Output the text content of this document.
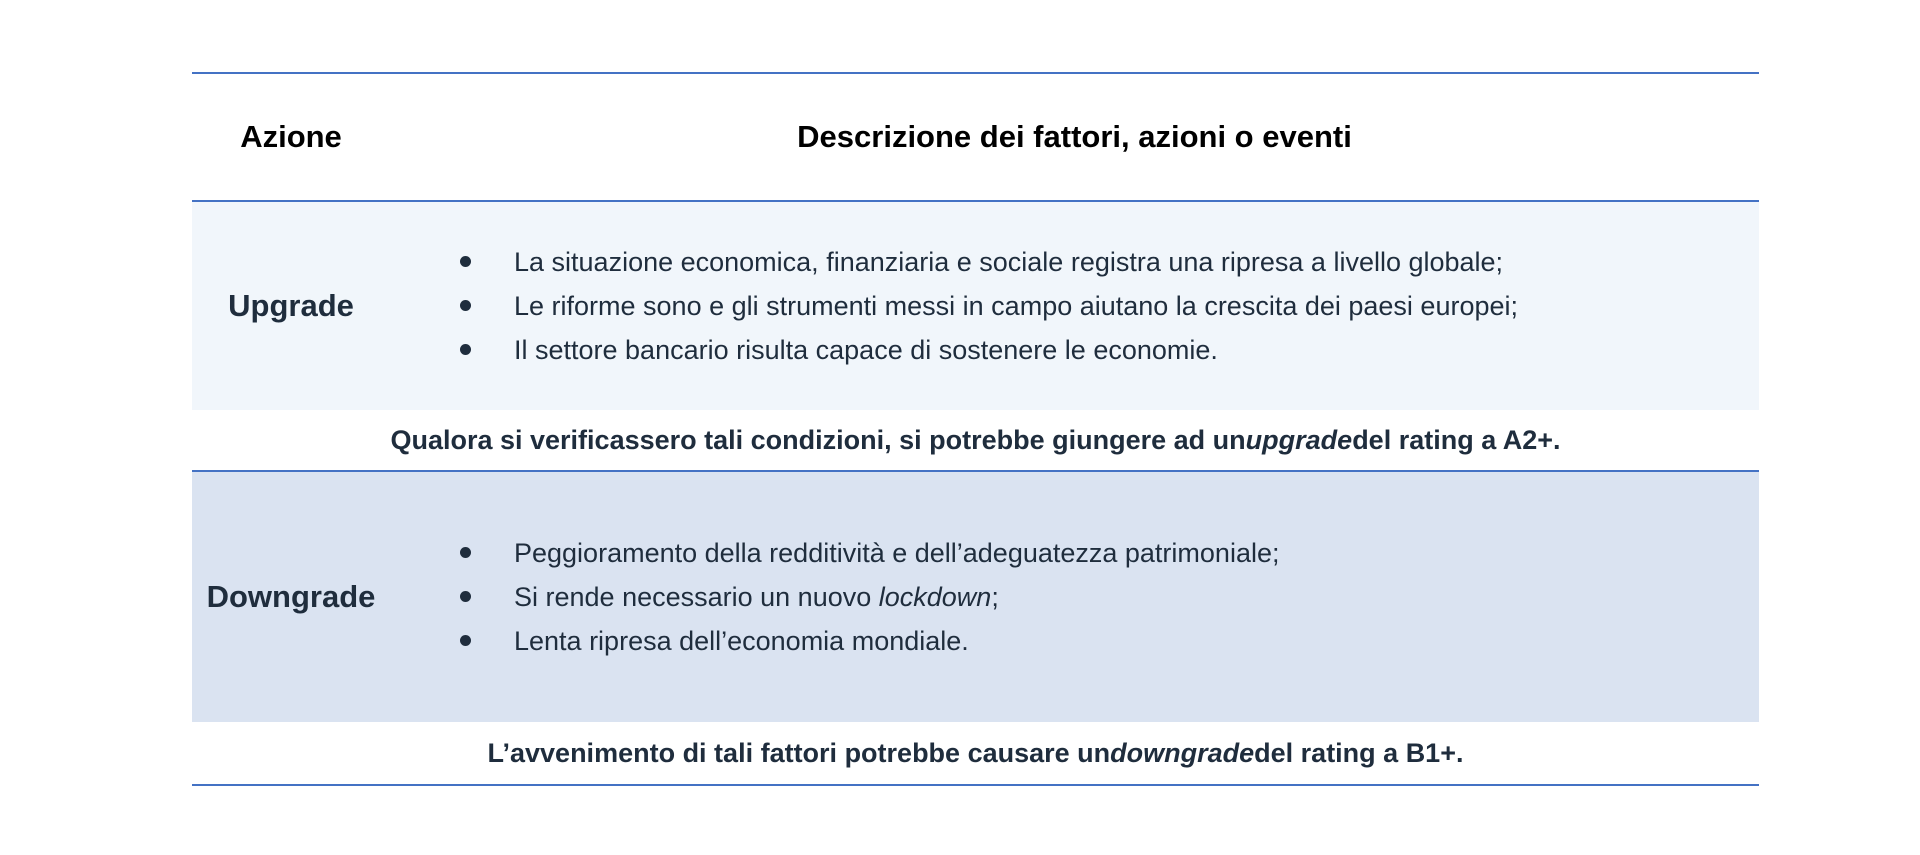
Azione	Descrizione dei fattori, azioni o eventi
Upgrade
La situazione economica, finanziaria e sociale registra una ripresa a livello globale;
Le riforme sono e gli strumenti messi in campo aiutano la crescita dei paesi europei;
Il settore bancario risulta capace di sostenere le economie.
Qualora si verificassero tali condizioni, si potrebbe giungere ad un upgrade del rating a A2+.
Downgrade
Peggioramento della redditività e dell’adeguatezza patrimoniale;
Si rende necessario un nuovo lockdown;
Lenta ripresa dell’economia mondiale.
L’avvenimento di tali fattori potrebbe causare un downgrade del rating a B1+.
